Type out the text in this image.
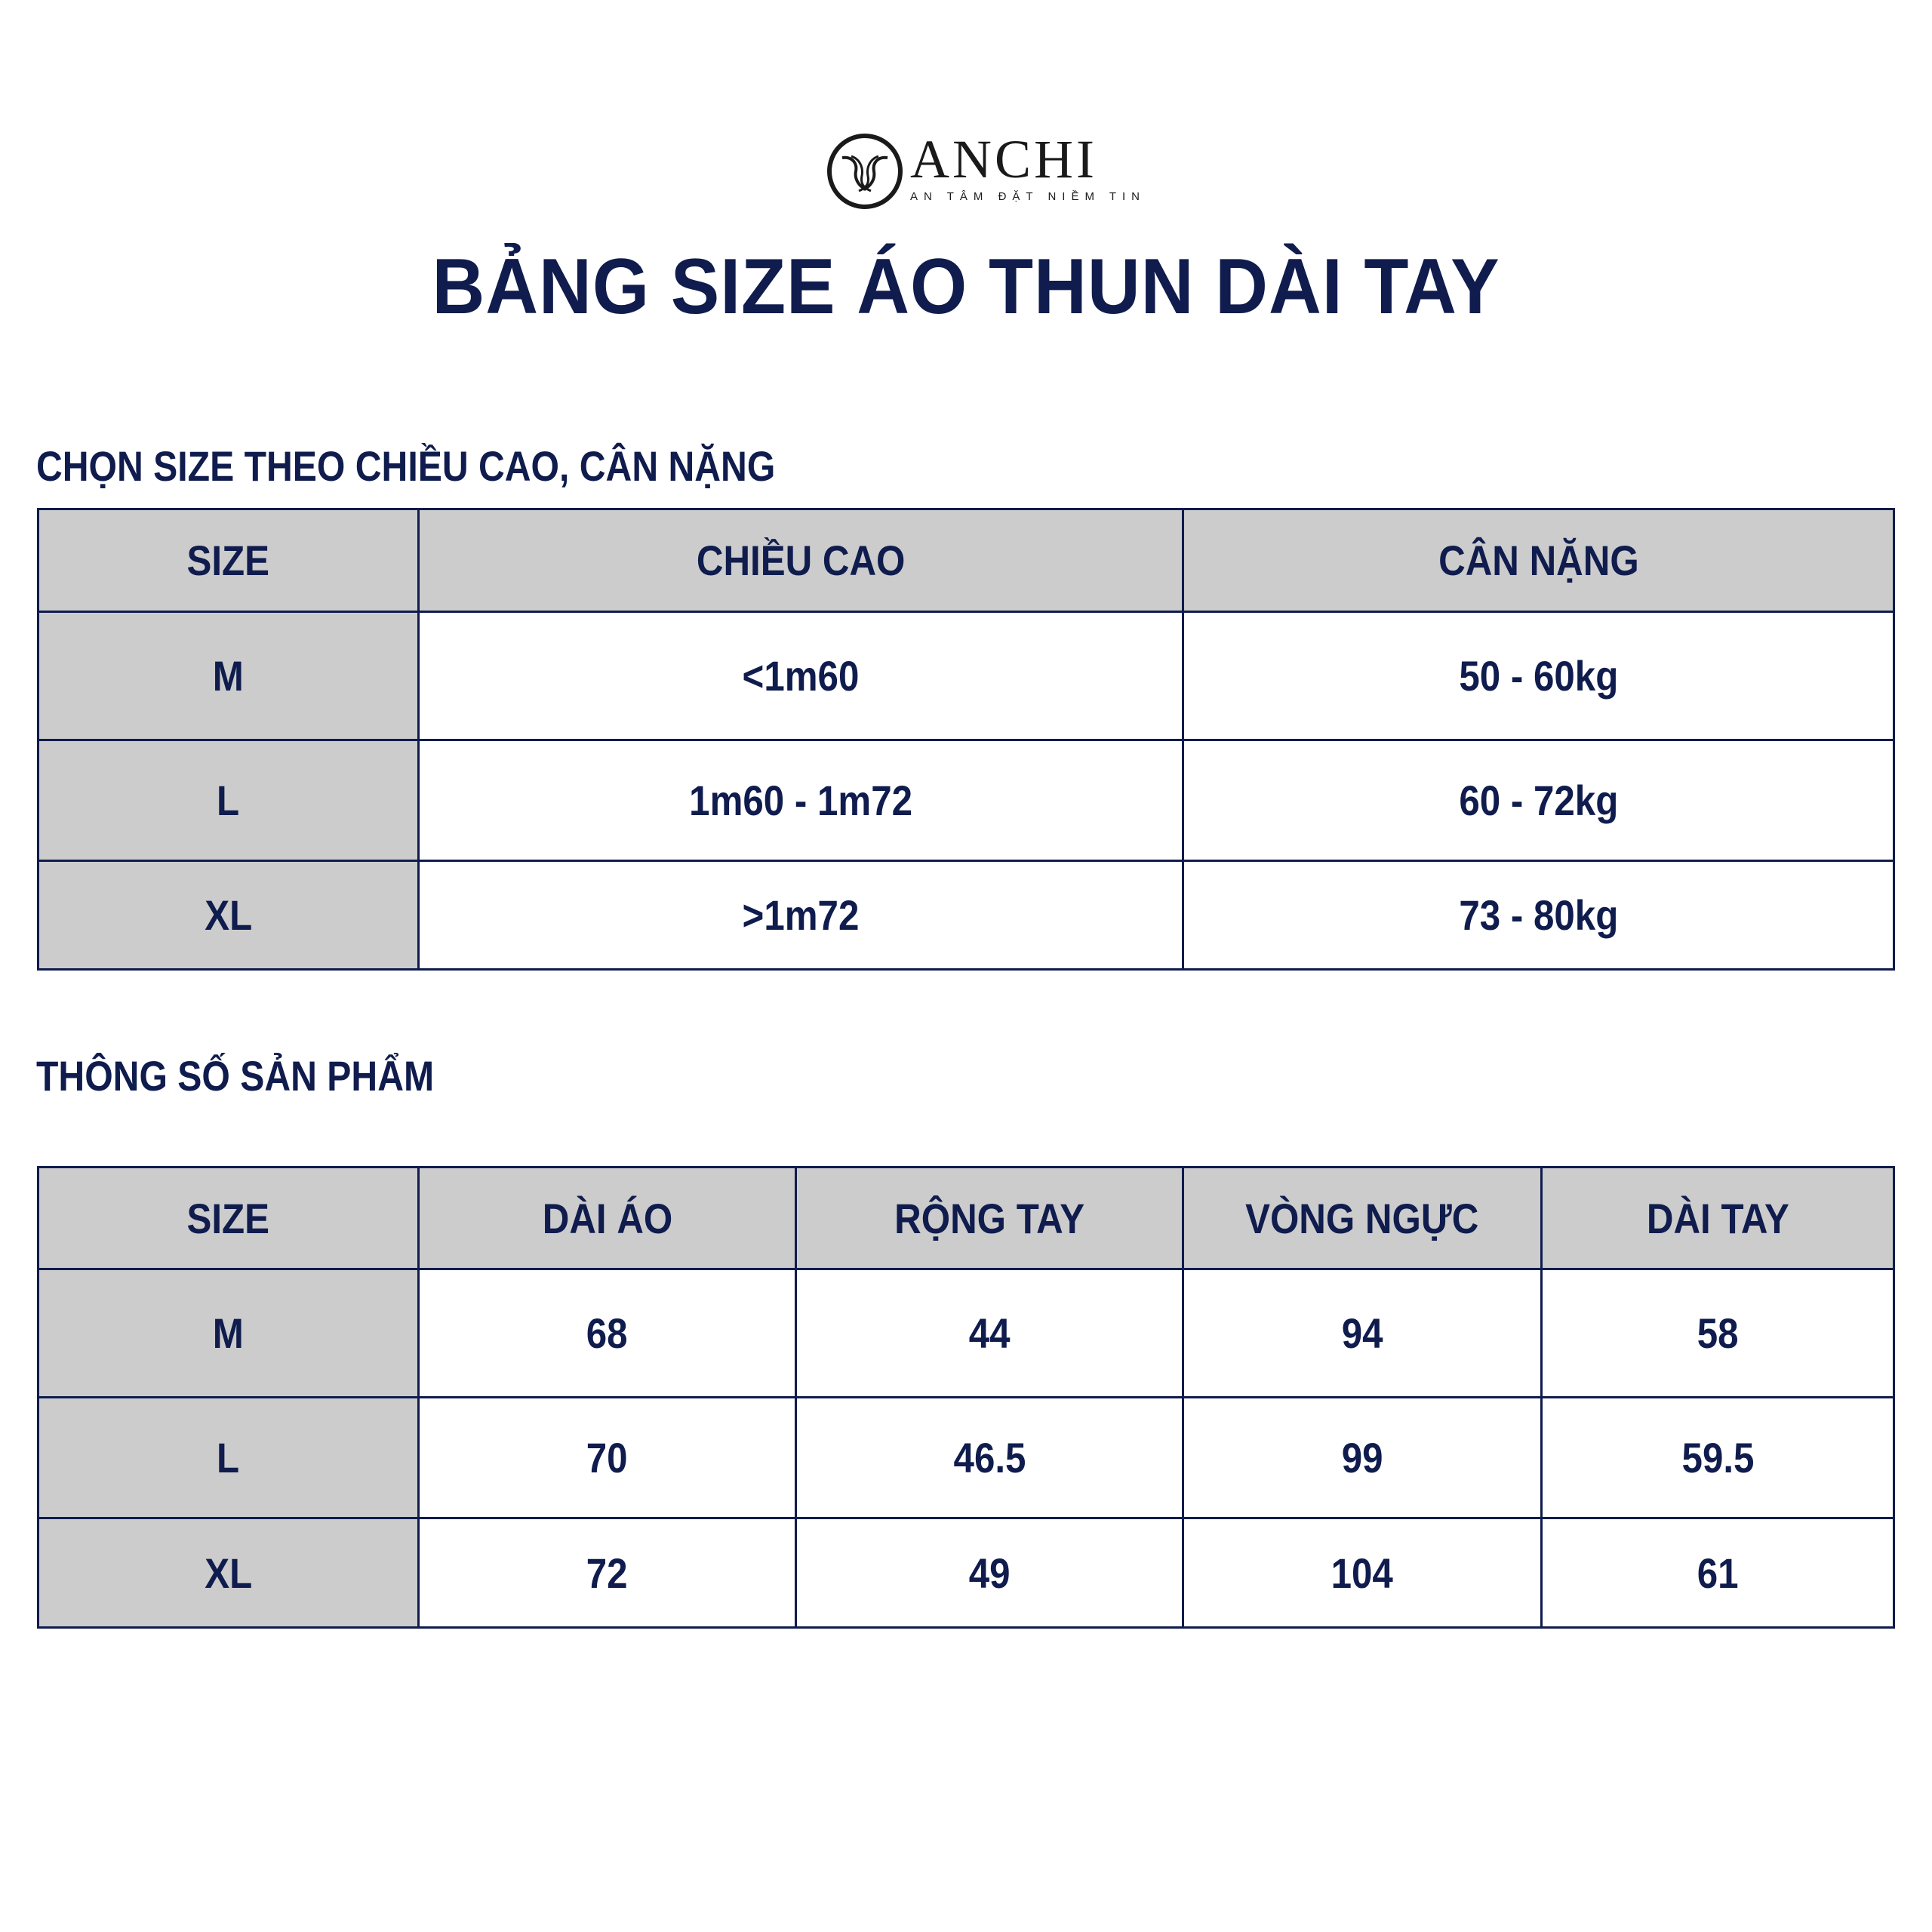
ANCHI
AN TÂM ĐẶT NIỀM TIN
BẢNG SIZE ÁO THUN DÀI TAY
CHỌN SIZE THEO CHIỀU CAO, CÂN NẶNG
SIZE	CHIỀU CAO	CÂN NẶNG
M	<1m60	50 - 60kg
L	1m60 - 1m72	60 - 72kg
XL	>1m72	73 - 80kg
THÔNG SỐ SẢN PHẨM
SIZE	DÀI ÁO	RỘNG TAY	VÒNG NGỰC	DÀI TAY
M	68	44	94	58
L	70	46.5	99	59.5
XL	72	49	104	61
